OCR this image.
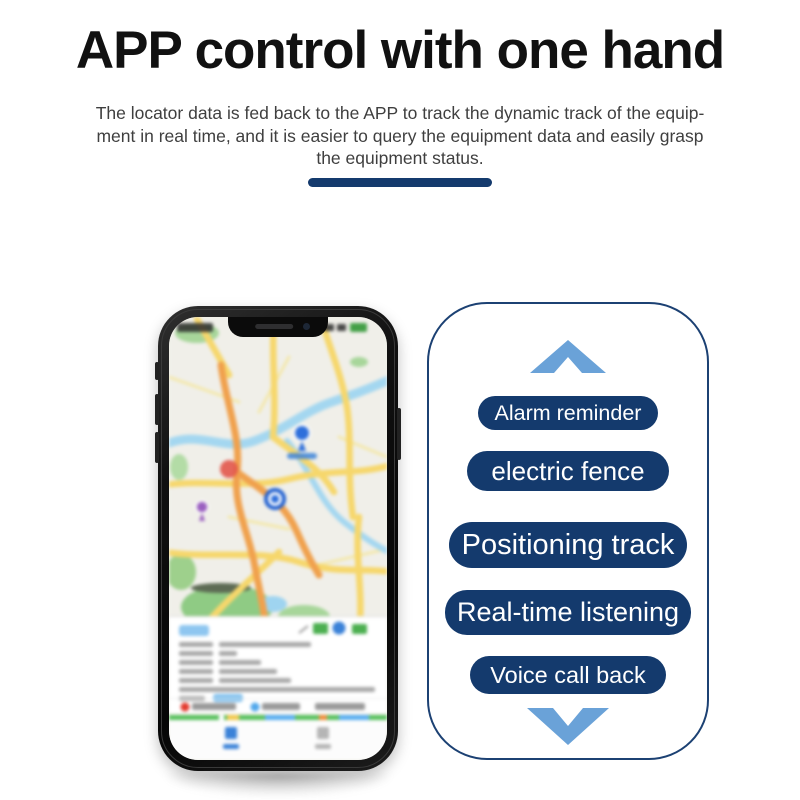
APP control with one hand
The locator data is fed back to the APP to track the dynamic track of the equip-
ment in real time, and it is easier to query the equipment data and easily grasp
the equipment status.
Alarm reminder
electric fence
Positioning track
Real-time listening
Voice call back
